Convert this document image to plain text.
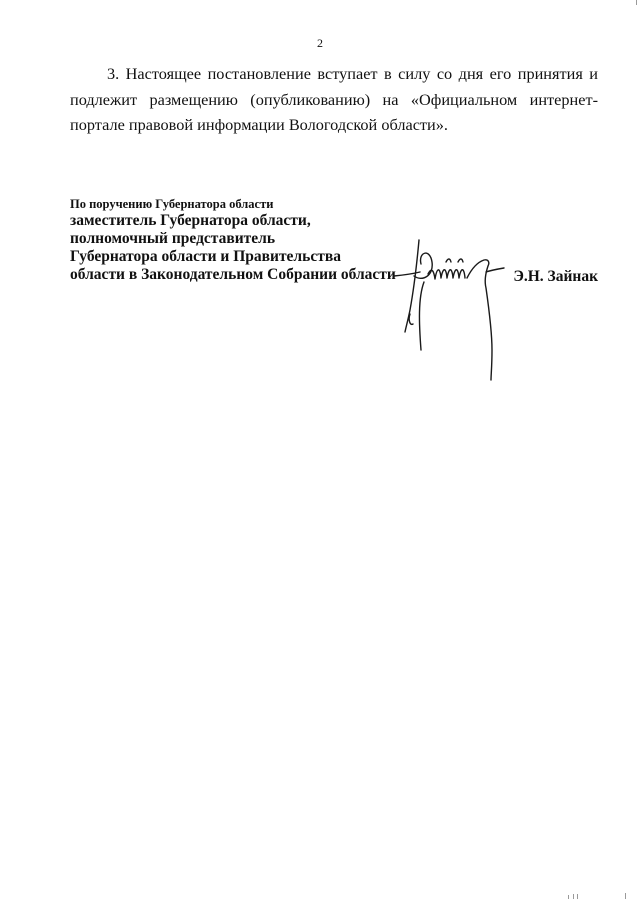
2

3. Настоящее постановление вступает в силу со дня его принятия и подлежит размещению (опубликованию) на «Официальном интернет-портале правовой информации Вологодской области».

По поручению Губернатора области
заместитель Губернатора области,
полномочный представитель
Губернатора области и Правительства
области в Законодательном Собрании области	Э.Н. Зайнак
